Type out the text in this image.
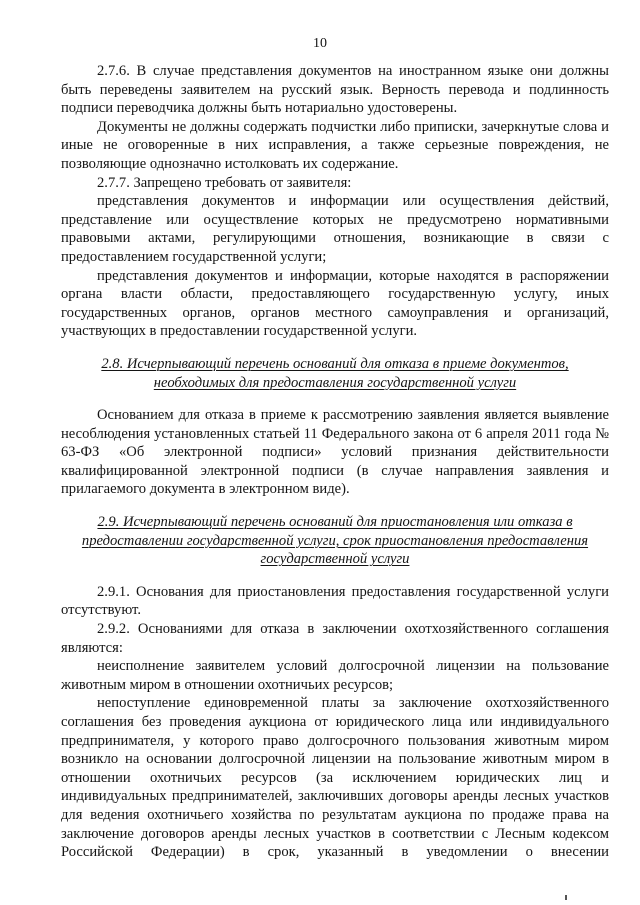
10

2.7.6. В случае представления документов на иностранном языке они должны быть переведены заявителем на русский язык. Верность перевода и подлинность подписи переводчика должны быть нотариально удостоверены.

Документы не должны содержать подчистки либо приписки, зачеркнутые слова и иные не оговоренные в них исправления, а также серьезные повреждения, не позволяющие однозначно истолковать их содержание.

2.7.7. Запрещено требовать от заявителя:

представления документов и информации или осуществления действий, представление или осуществление которых не предусмотрено нормативными правовыми актами, регулирующими отношения, возникающие в связи с предоставлением государственной услуги;

представления документов и информации, которые находятся в распоряжении органа власти области, предоставляющего государственную услугу, иных государственных органов, органов местного самоуправления и организаций, участвующих в предоставлении государственной услуги.

2.8. Исчерпывающий перечень оснований для отказа в приеме документов,
необходимых для предоставления государственной услуги

Основанием для отказа в приеме к рассмотрению заявления является выявление несоблюдения установленных статьей 11 Федерального закона от 6 апреля 2011 года № 63-ФЗ «Об электронной подписи» условий признания действительности квалифицированной электронной подписи (в случае направления заявления и прилагаемого документа в электронном виде).

2.9. Исчерпывающий перечень оснований для приостановления или отказа в
предоставлении государственной услуги, срок приостановления предоставления
государственной услуги

2.9.1. Основания для приостановления предоставления государственной услуги отсутствуют.

2.9.2. Основаниями для отказа в заключении охотхозяйственного соглашения являются:

неисполнение заявителем условий долгосрочной лицензии на пользование животным миром в отношении охотничьих ресурсов;

непоступление единовременной платы за заключение охотхозяйственного соглашения без проведения аукциона от юридического лица или индивидуального предпринимателя, у которого право долгосрочного пользования животным миром возникло на основании долгосрочной лицензии на пользование животным миром в отношении охотничьих ресурсов (за исключением юридических лиц и индивидуальных предпринимателей, заключивших договоры аренды лесных участков для ведения охотничьего хозяйства по результатам аукциона по продаже права на заключение договоров аренды лесных участков в соответствии с Лесным кодексом Российской Федерации) в срок, указанный в уведомлении о внесении
